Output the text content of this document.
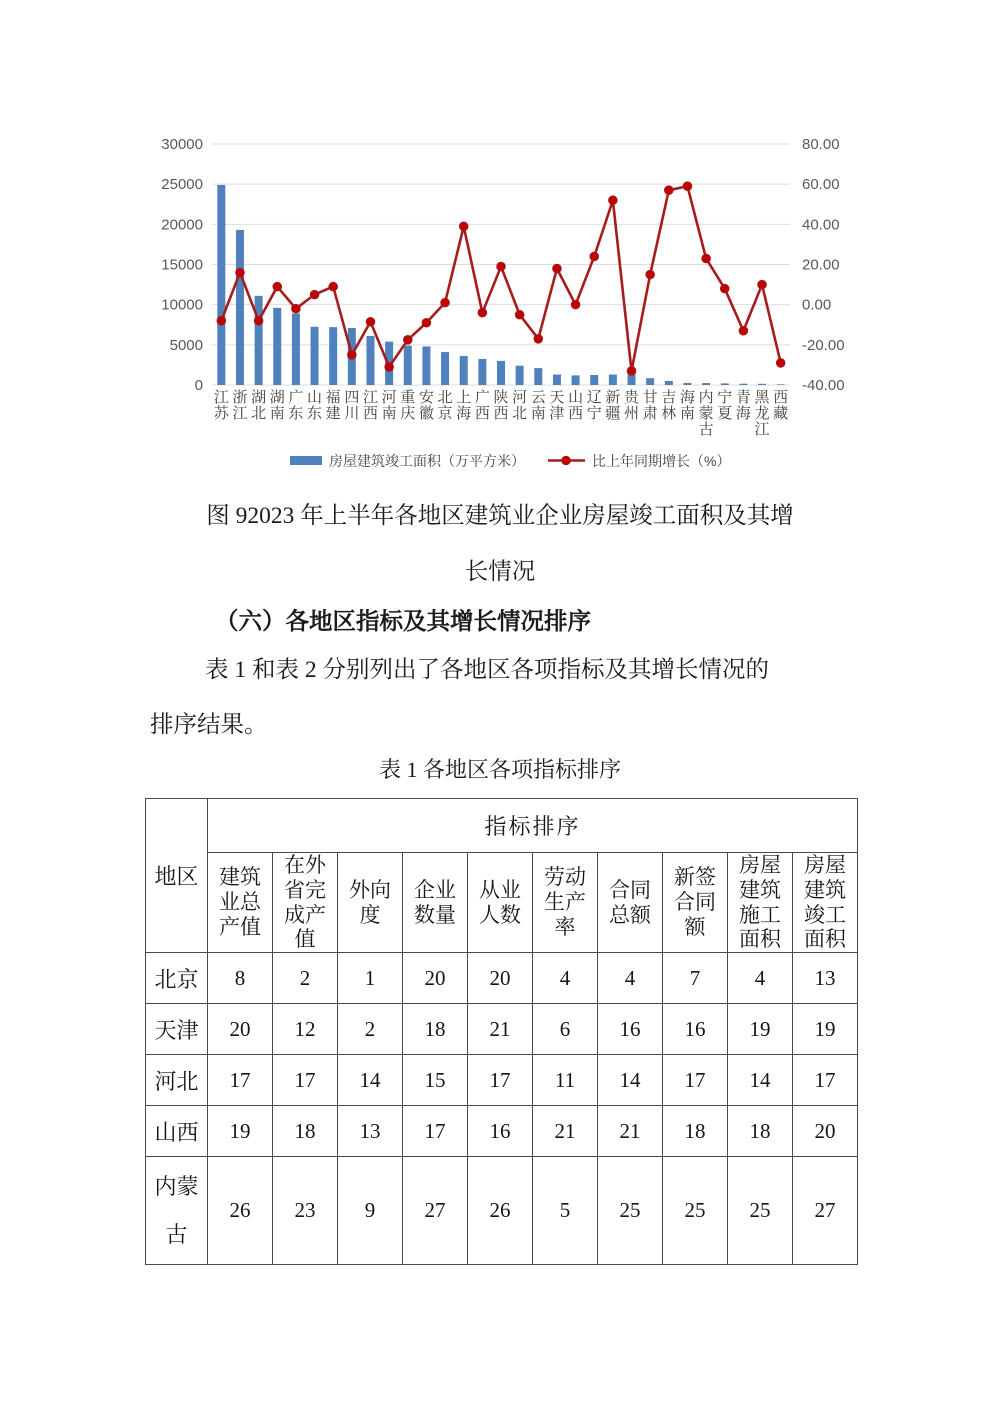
30000	80.00
25000	60.00
20000	40.00
15000	20.00
10000	0.00
5000	-20.00
0	-40.00
江苏
浙江
湖北
湖南
广东
山东
福建
四川
江西
河南
重庆
安徽
北京
上海
广西
陕西
河北
云南
天津
山西
辽宁
新疆
贵州
甘肃
吉林
海南
内蒙古
宁夏
青海
黑龙江
西藏
房屋建筑竣工面积（万平方米）	比上年同期增长（%）
图 92023 年上半年各地区建筑业企业房屋竣工面积及其增
长情况
（六）各地区指标及其增长情况排序
表 1 和表 2 分别列出了各地区各项指标及其增长情况的
排序结果。
表 1 各地区各项指标排序
地区	指标排序									
	建筑业总产值	在外省完成产值	外向度	企业数量	从业人数	劳动生产率	合同总额	新签合同额	房屋建筑施工面积	房屋建筑竣工面积
北京	8	2	1	20	20	4	4	7	4	13
天津	20	12	2	18	21	6	16	16	19	19
河北	17	17	14	15	17	11	14	17	14	17
山西	19	18	13	17	16	21	21	18	18	20
内蒙古	26	23	9	27	26	5	25	25	25	27
